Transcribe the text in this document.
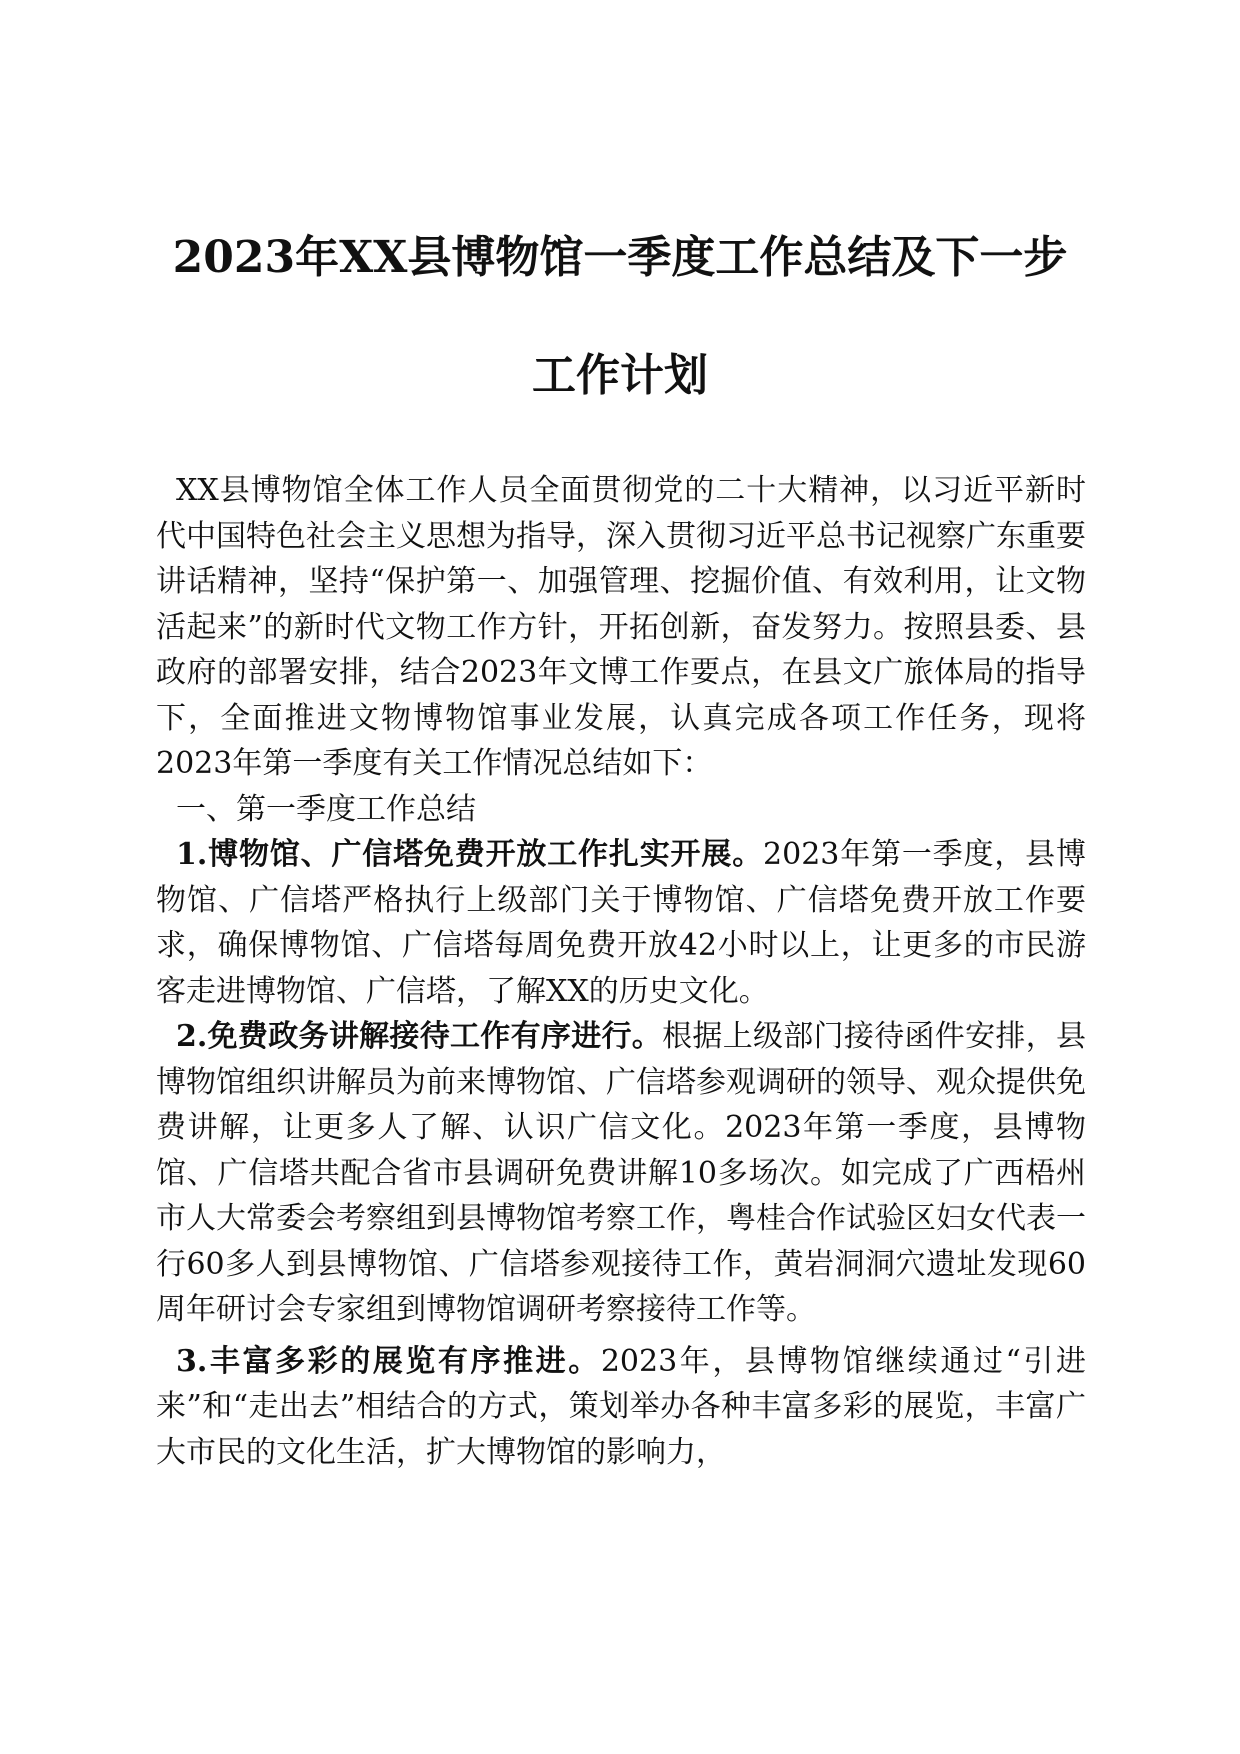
2023年XX县博物馆一季度工作总结及下一步
工作计划

XX县博物馆全体工作人员全面贯彻党的二十大精神，以习近平新时代中国特色社会主义思想为指导，深入贯彻习近平总书记视察广东重要讲话精神，坚持“保护第一、加强管理、挖掘价值、有效利用，让文物活起来”的新时代文物工作方针，开拓创新，奋发努力。按照县委、县政府的部署安排，结合2023年文博工作要点，在县文广旅体局的指导下，全面推进文物博物馆事业发展，认真完成各项工作任务，现将2023年第一季度有关工作情况总结如下：

一、第一季度工作总结

1.博物馆、广信塔免费开放工作扎实开展。2023年第一季度，县博物馆、广信塔严格执行上级部门关于博物馆、广信塔免费开放工作要求，确保博物馆、广信塔每周免费开放42小时以上，让更多的市民游客走进博物馆、广信塔，了解XX的历史文化。

2.免费政务讲解接待工作有序进行。根据上级部门接待函件安排，县博物馆组织讲解员为前来博物馆、广信塔参观调研的领导、观众提供免费讲解，让更多人了解、认识广信文化。2023年第一季度，县博物馆、广信塔共配合省市县调研免费讲解10多场次。如完成了广西梧州市人大常委会考察组到县博物馆考察工作，粤桂合作试验区妇女代表一行60多人到县博物馆、广信塔参观接待工作，黄岩洞洞穴遗址发现60周年研讨会专家组到博物馆调研考察接待工作等。

3.丰富多彩的展览有序推进。2023年，县博物馆继续通过“引进来”和“走出去”相结合的方式，策划举办各种丰富多彩的展览，丰富广大市民的文化生活，扩大博物馆的影响力，
